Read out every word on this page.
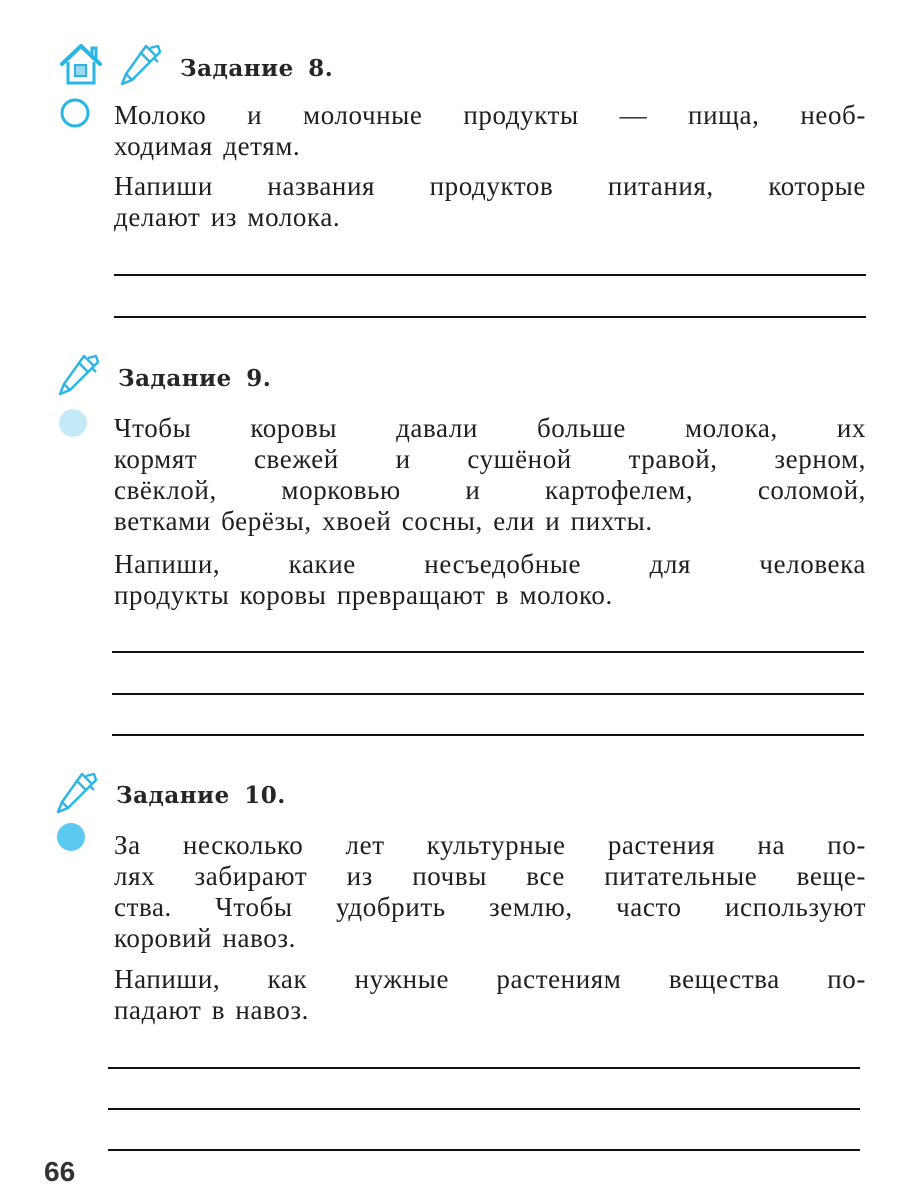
Задание 8.
Молоко и молочные продукты — пища, необ-
ходимая детям.
Напиши названия продуктов питания, которые
делают из молока.
Задание 9.
Чтобы коровы давали больше молока, их
кормят свежей и сушёной травой, зерном,
свёклой, морковью и картофелем, соломой,
ветками берёзы, хвоей сосны, ели и пихты.
Напиши, какие несъедобные для человека
продукты коровы превращают в молоко.
Задание 10.
За несколько лет культурные растения на по-
лях забирают из почвы все питательные веще-
ства. Чтобы удобрить землю, часто используют
коровий навоз.
Напиши, как нужные растениям вещества по-
падают в навоз.
66
